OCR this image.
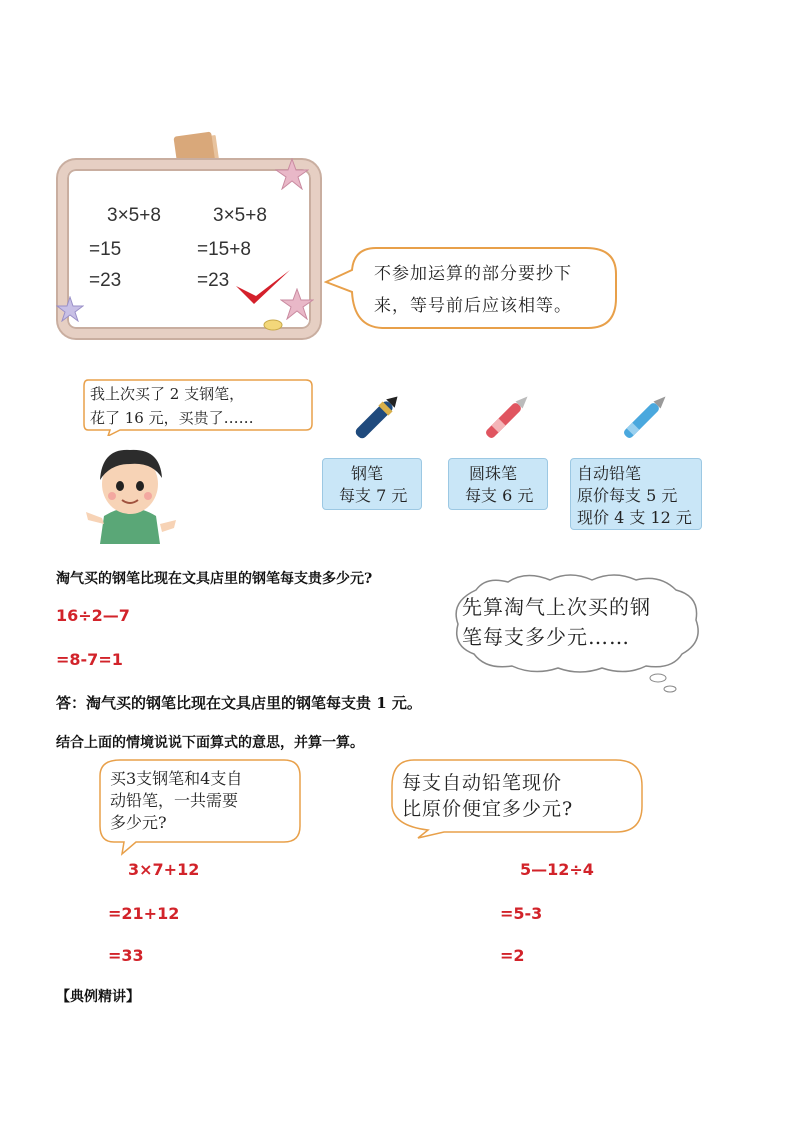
3×5+8
=15
=23
3×5+8
=15+8
=23	不参加运算的部分要抄下
来，等号前后应该相等。
我上次买了 2 支钢笔，
花了 16 元，买贵了……
钢笔
每支 7 元
圆珠笔
每支 6 元
自动铅笔
原价每支 5 元
现价 4 支 12 元
淘气买的钢笔比现在文具店里的钢笔每支贵多少元?
16÷2—7
=8-7=1
先算淘气上次买的钢
笔每支多少元……
答：淘气买的钢笔比现在文具店里的钢笔每支贵 1 元。
结合上面的情境说说下面算式的意思，并算一算。
买3支钢笔和4支自
动铅笔，一共需要
多少元?
每支自动铅笔现价
比原价便宜多少元?
3×7+12
=21+12
=33
5—12÷4
=5-3
=2
【典例精讲】
